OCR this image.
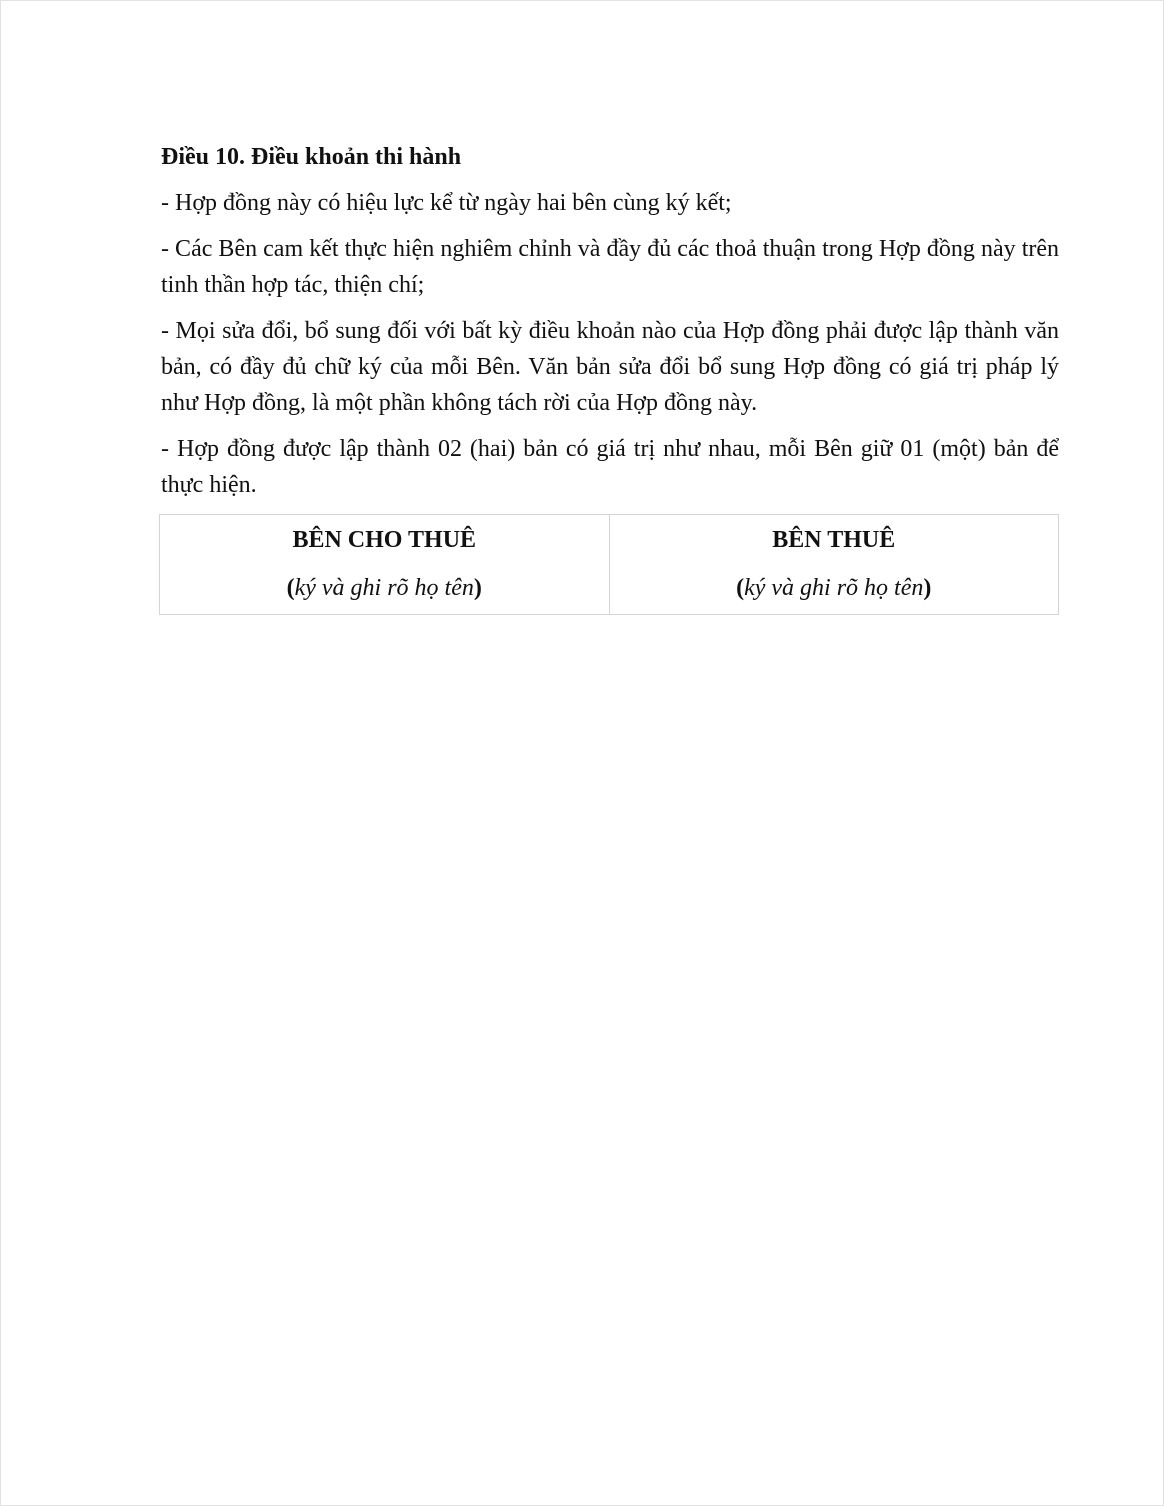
Điều 10. Điều khoản thi hành

- Hợp đồng này có hiệu lực kể từ ngày hai bên cùng ký kết;

- Các Bên cam kết thực hiện nghiêm chỉnh và đầy đủ các thoả thuận trong Hợp đồng này trên tinh thần hợp tác, thiện chí;

- Mọi sửa đổi, bổ sung đối với bất kỳ điều khoản nào của Hợp đồng phải được lập thành văn bản, có đầy đủ chữ ký của mỗi Bên. Văn bản sửa đổi bổ sung Hợp đồng có giá trị pháp lý như Hợp đồng, là một phần không tách rời của Hợp đồng này.

- Hợp đồng được lập thành 02 (hai) bản có giá trị như nhau, mỗi Bên giữ 01 (một) bản để thực hiện.

BÊN CHO THUÊ
(ký và ghi rõ họ tên)

BÊN THUÊ
(ký và ghi rõ họ tên)
